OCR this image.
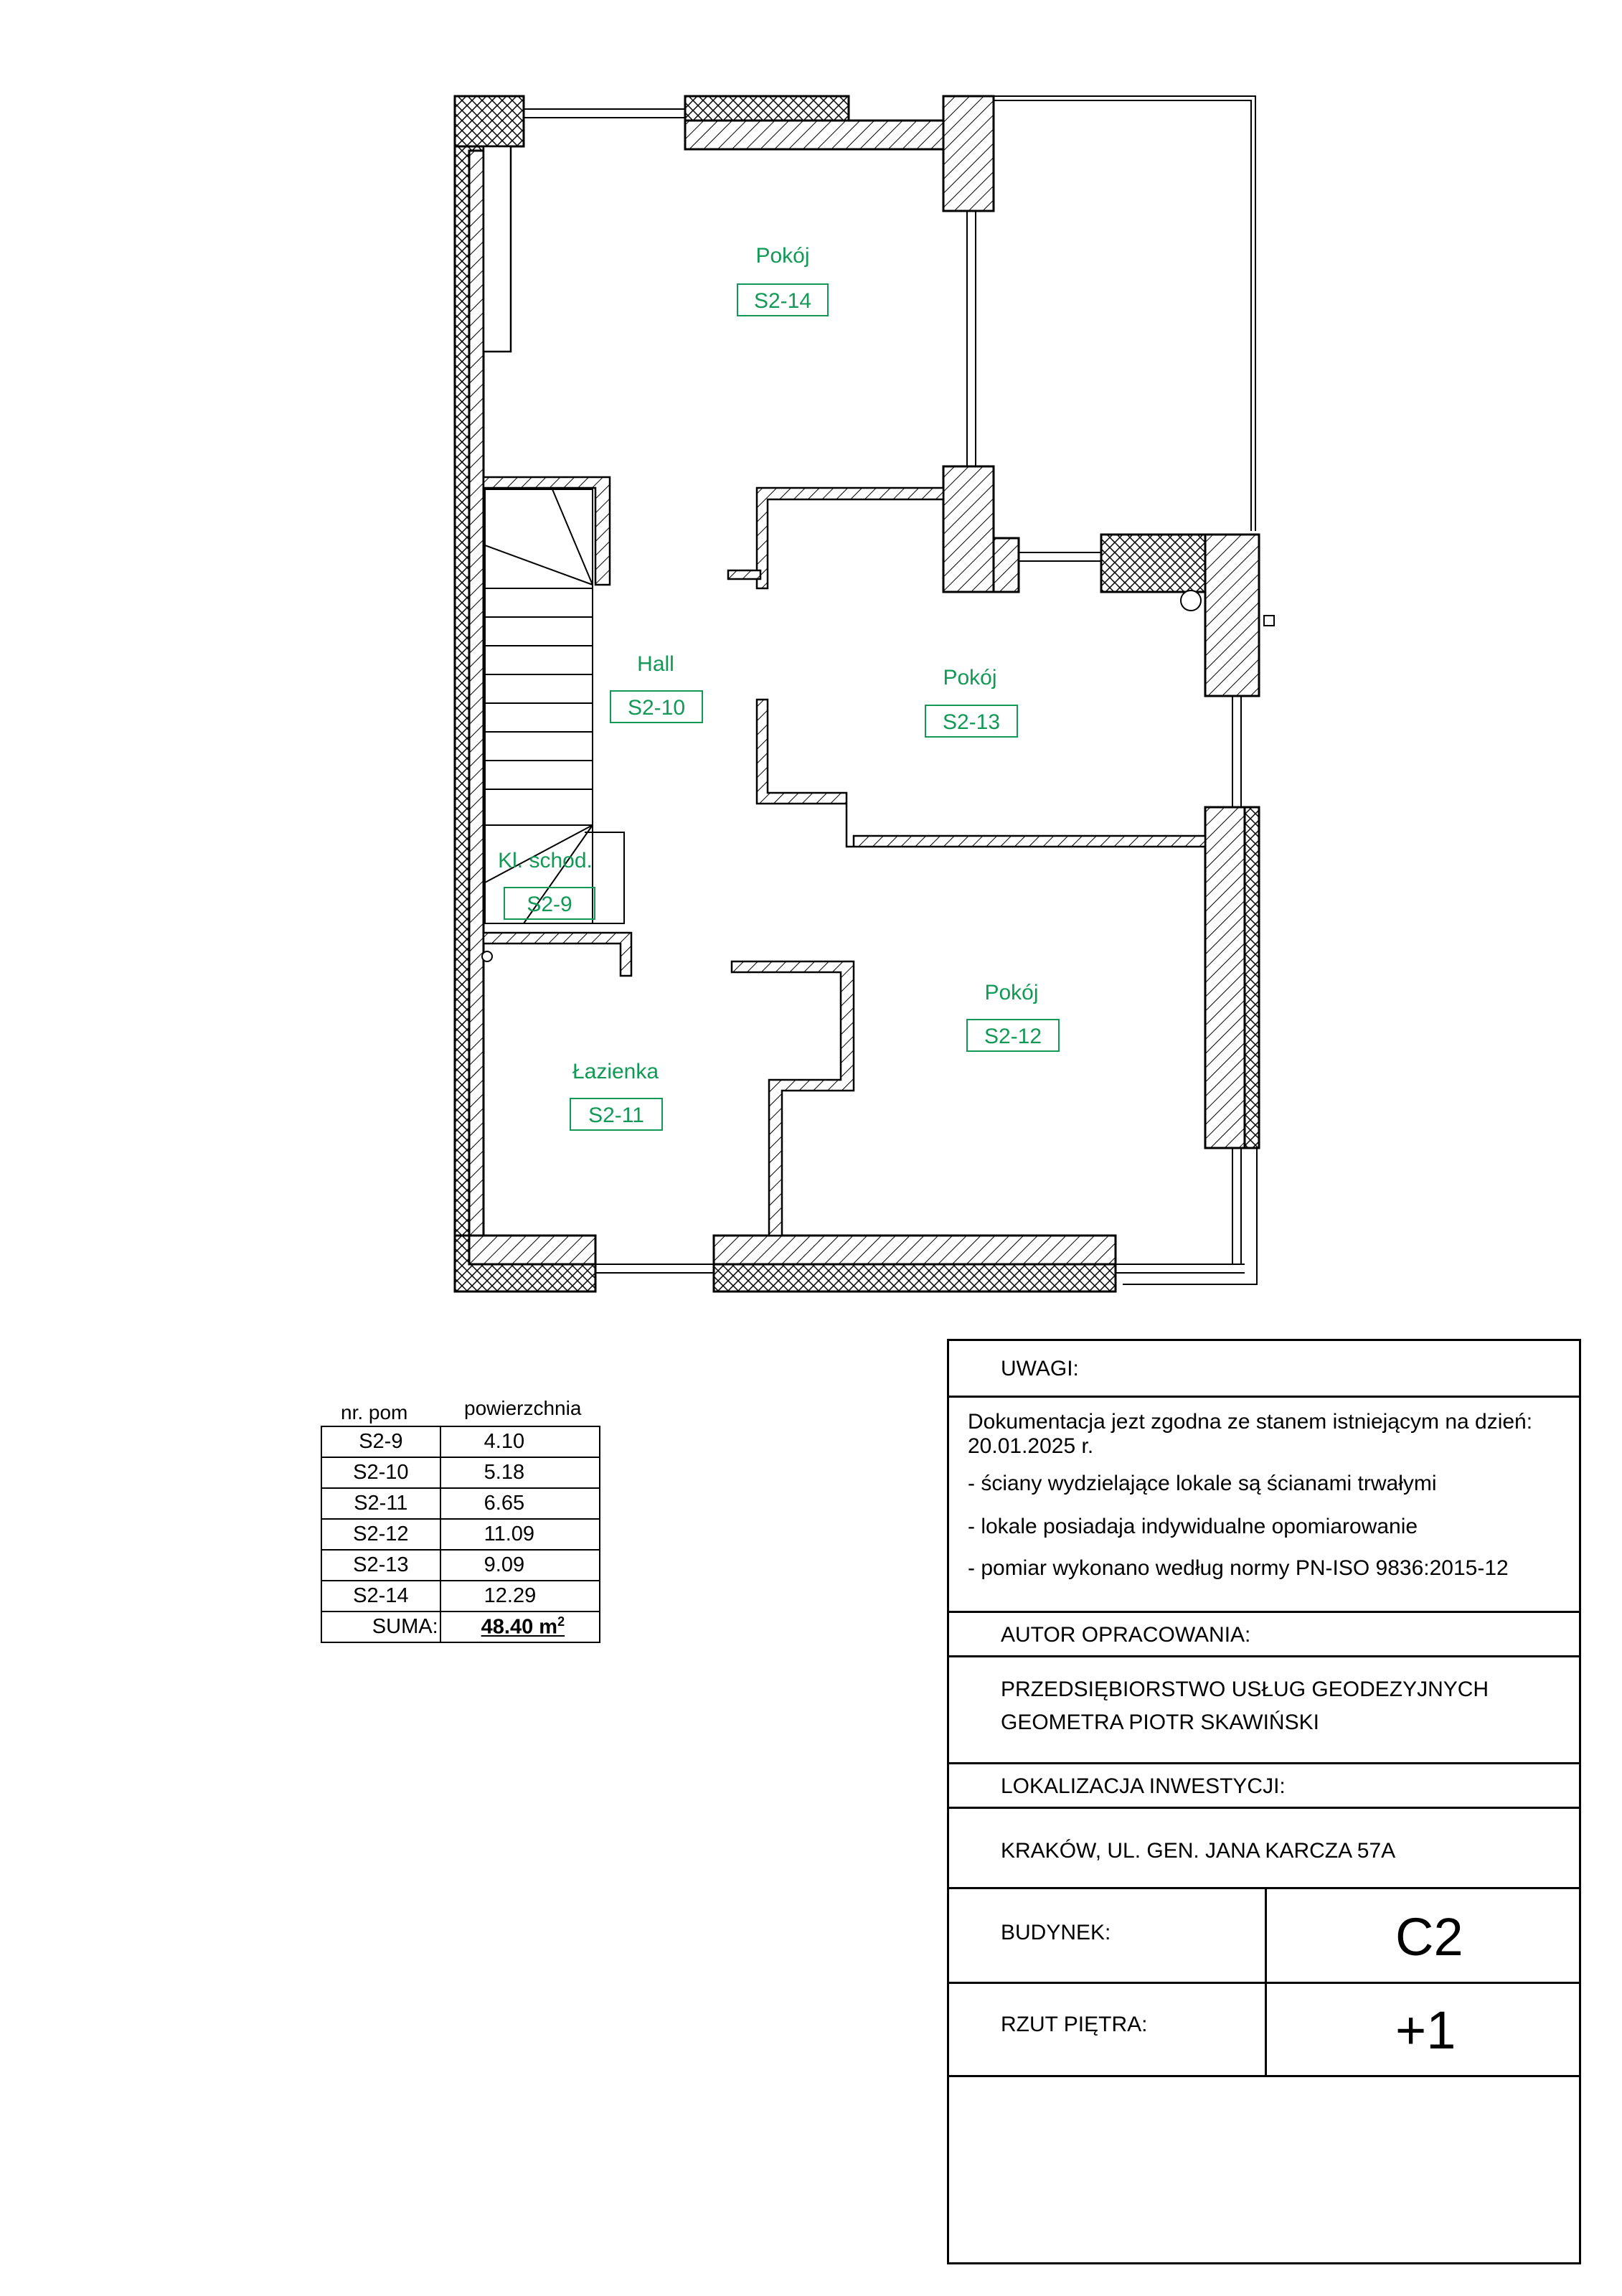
Pokój
S2-14
Hall
S2-10
Pokój
S2-13
Kl. schod.
S2-9
Pokój
S2-12
Łazienka
S2-11
nr. pom	powierzchnia
S2-9	4.10
S2-10	5.18
S2-11	6.65
S2-12	11.09
S2-13	9.09
S2-14	12.29
SUMA:	48.40 $m^2$
UWAGI:
Dokumentacja jezt zgodna ze stanem istniejącym na dzień:
20.01.2025 r.
- ściany wydzielające lokale są ścianami trwałymi
- lokale posiadaja indywidualne opomiarowanie
- pomiar wykonano według normy PN-ISO 9836:2015-12
AUTOR OPRACOWANIA:
PRZEDSIĘBIORSTWO USŁUG GEODEZYJNYCH
GEOMETRA PIOTR SKAWIŃSKI
LOKALIZACJA INWESTYCJI:
KRAKÓW, UL. GEN. JANA KARCZA 57A
BUDYNEK:	C2
RZUT PIĘTRA:	+1
